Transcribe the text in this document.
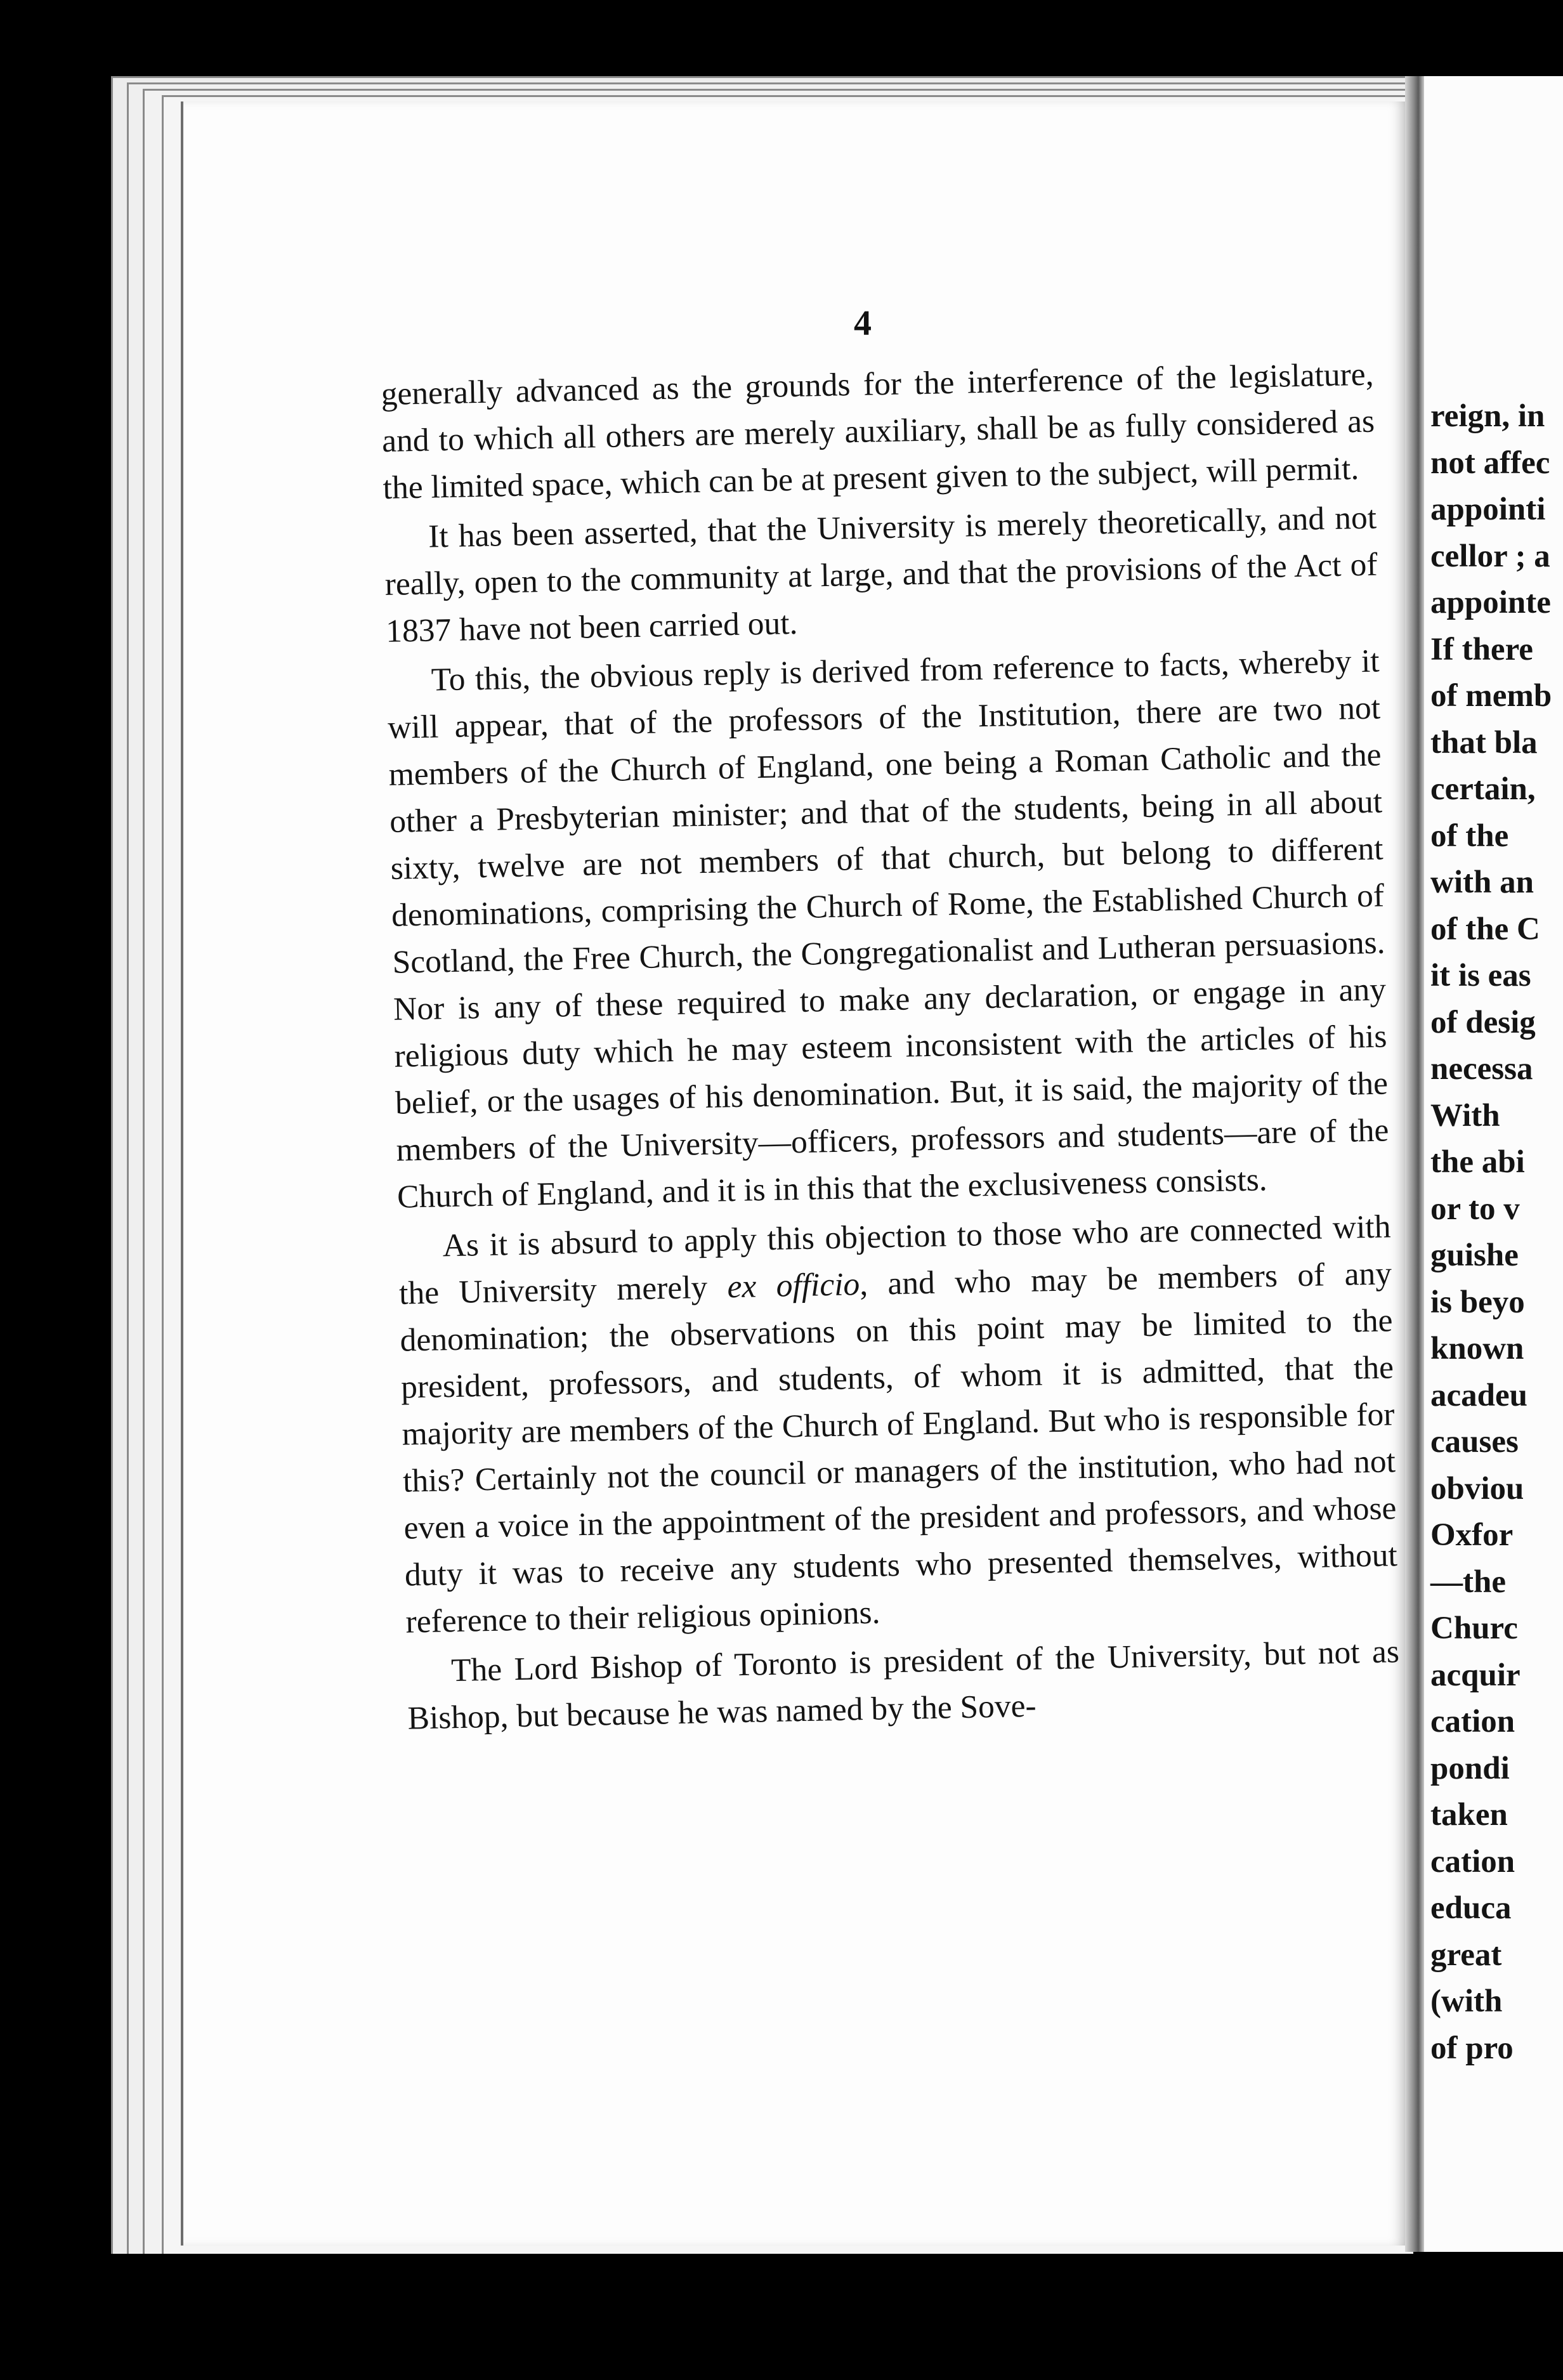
reign, in
not affec
appointi
cellor ; a
appointe
If there
of memb
that bla
certain,
of the
with an
of the C
it is eas
of desig
necessa
With
the abi
or to v
guishe
is beyo
known
acadeu
causes
obviou
Oxfor
—the
Churc
acquir
cation
pondi
taken
cation
educa
great
(with
of pro
4

generally advanced as the grounds for the interference of the legislature, and to which all others are merely auxiliary, shall be as fully considered as the limited space, which can be at present given to the subject, will permit.

It has been asserted, that the University is merely theoretically, and not really, open to the community at large, and that the provisions of the Act of 1837 have not been carried out.

To this, the obvious reply is derived from reference to facts, whereby it will appear, that of the professors of the Institution, there are two not members of the Church of England, one being a Roman Catholic and the other a Presbyterian minister; and that of the students, being in all about sixty, twelve are not members of that church, but belong to different denominations, comprising the Church of Rome, the Established Church of Scotland, the Free Church, the Congregationalist and Lutheran persuasions. Nor is any of these required to make any declaration, or engage in any religious duty which he may esteem inconsistent with the articles of his belief, or the usages of his denomination. But, it is said, the majority of the members of the University—officers, professors and students—are of the Church of England, and it is in this that the exclusiveness consists.

As it is absurd to apply this objection to those who are connected with the University merely ex officio, and who may be members of any denomination; the observations on this point may be limited to the president, professors, and students, of whom it is admitted, that the majority are members of the Church of England. But who is responsible for this? Certainly not the council or managers of the institution, who had not even a voice in the appointment of the president and professors, and whose duty it was to receive any students who presented themselves, without reference to their religious opinions.

The Lord Bishop of Toronto is president of the University, but not as Bishop, but because he was named by the Sove-
